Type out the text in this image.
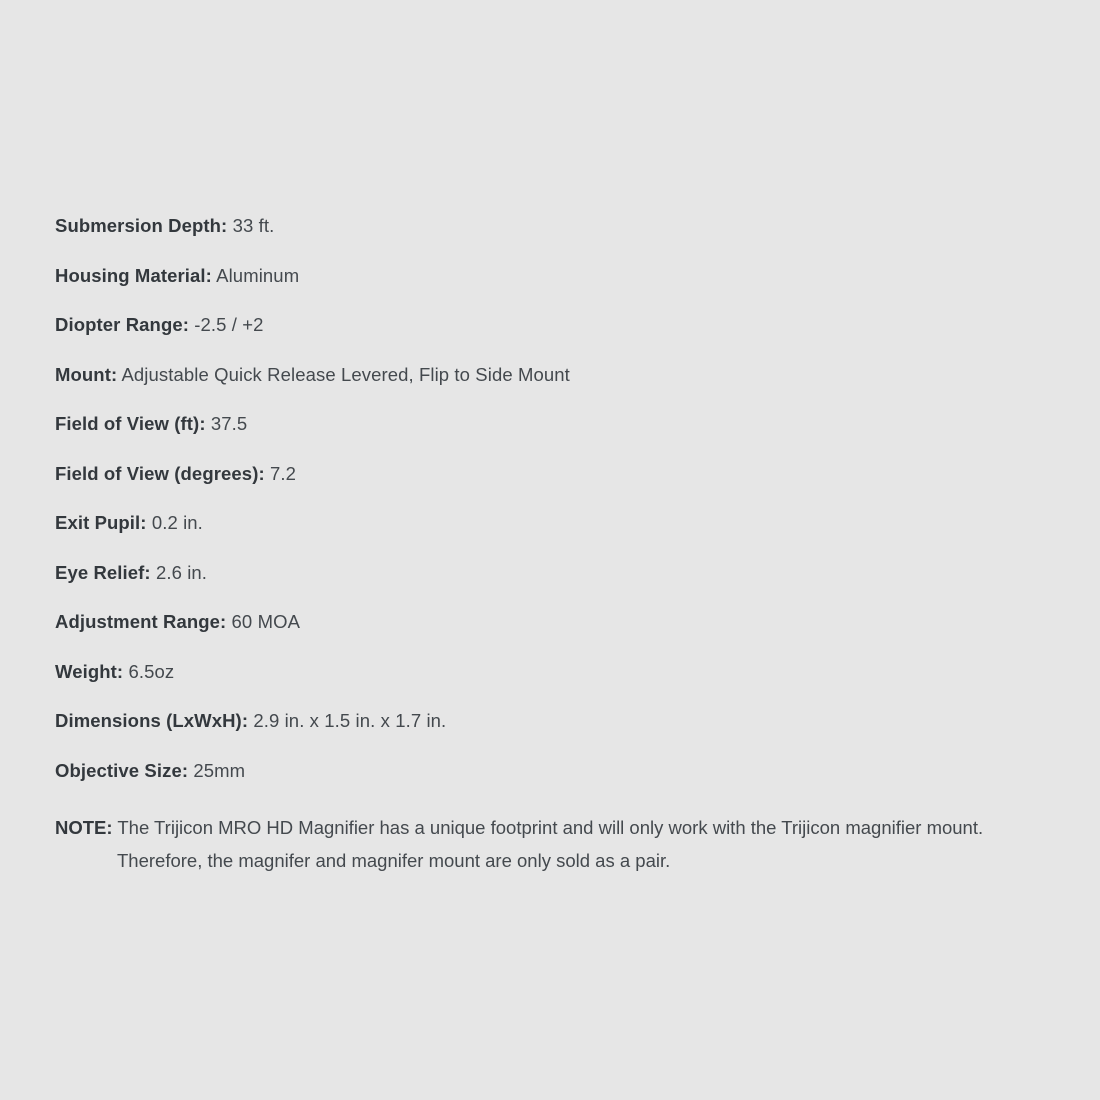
Submersion Depth: 33 ft.
Housing Material: Aluminum
Diopter Range: -2.5 / +2
Mount: Adjustable Quick Release Levered, Flip to Side Mount
Field of View (ft): 37.5
Field of View (degrees): 7.2
Exit Pupil: 0.2 in.
Eye Relief: 2.6 in.
Adjustment Range: 60 MOA
Weight: 6.5oz
Dimensions (LxWxH): 2.9 in. x 1.5 in. x 1.7 in.
Objective Size: 25mm
NOTE: The Trijicon MRO HD Magnifier has a unique footprint and will only work with the Trijicon magnifier mount.
Therefore, the magnifer and magnifer mount are only sold as a pair.
